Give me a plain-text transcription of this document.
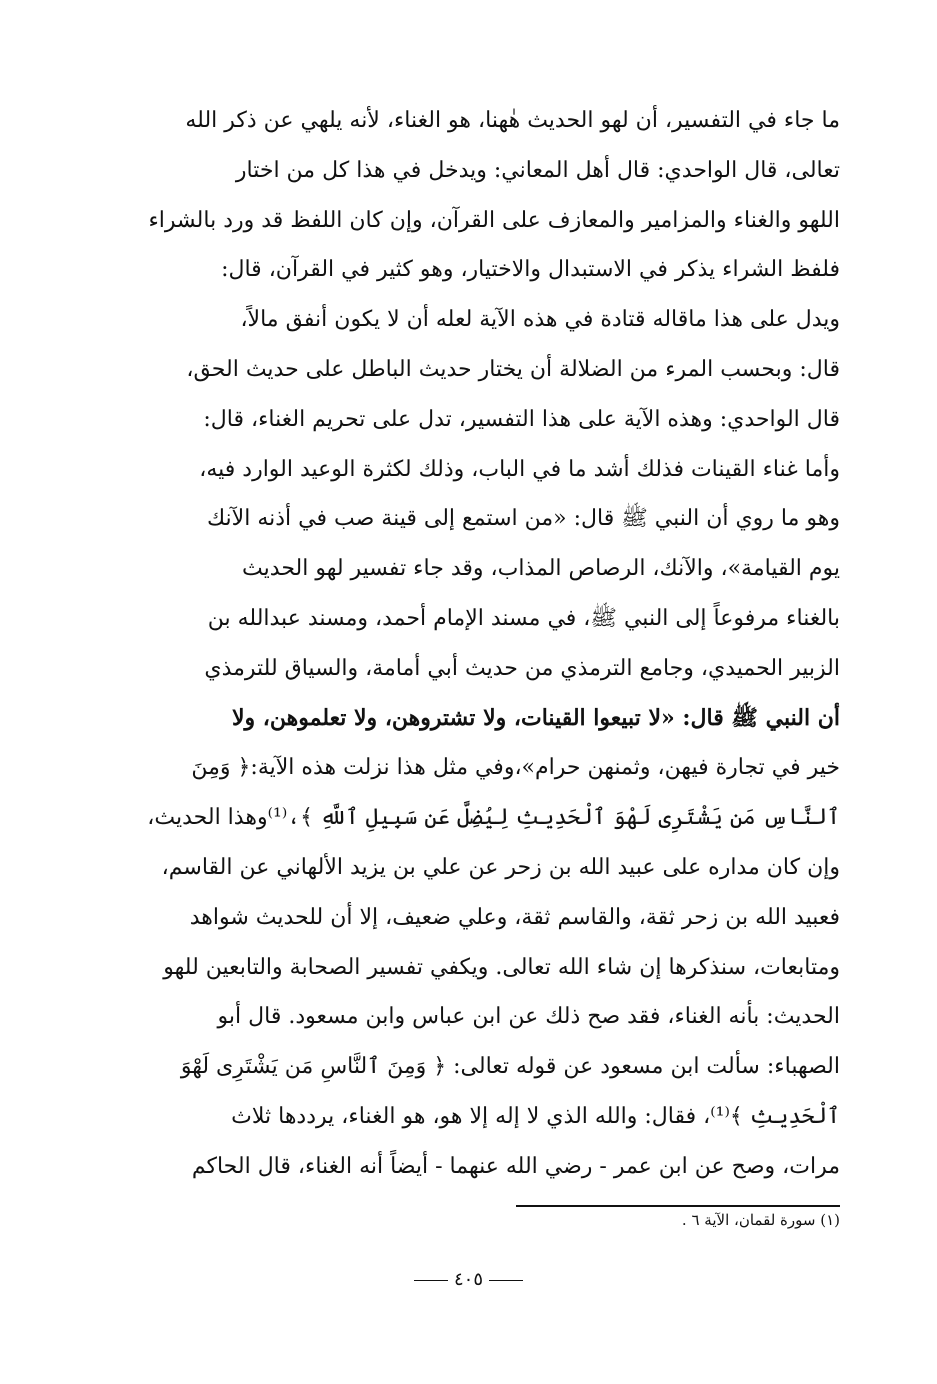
ما جاء في التفسير، أن لهو الحديث هٰهنا، هو الغناء، لأنه يلهي عن ذكر الله
تعالى، قال الواحدي: قال أهل المعاني: ويدخل في هذا كل من اختار
اللهو والغناء والمزامير والمعازف على القرآن، وإن كان اللفظ قد ورد بالشراء
فلفظ الشراء يذكر في الاستبدال والاختيار، وهو كثير في القرآن، قال:
ويدل على هذا ماقاله قتادة في هذه الآية لعله أن لا يكون أنفق مالاً،
قال: وبحسب المرء من الضلالة أن يختار حديث الباطل على حديث الحق،
قال الواحدي: وهذه الآية على هذا التفسير، تدل على تحريم الغناء، قال:
وأما غناء القينات فذلك أشد ما في الباب، وذلك لكثرة الوعيد الوارد فيه،
وهو ما روي أن النبي ﷺ قال: «من استمع إلى قينة صب في أذنه الآنك
يوم القيامة»، والآنك، الرصاص المذاب، وقد جاء تفسير لهو الحديث
بالغناء مرفوعاً إلى النبي ﷺ، في مسند الإمام أحمد، ومسند عبدالله بن
الزبير الحميدي، وجامع الترمذي من حديث أبي أمامة، والسياق للترمذي
أن النبي ﷺ قال: «لا تبيعوا القينات، ولا تشتروهن، ولا تعلموهن، ولا
خير في تجارة فيهن، وثمنهن حرام»،وفي مثل هذا نزلت هذه الآية:﴿ وَمِنَ
ٱلنَّاسِ مَن يَشْتَرِى لَهْوَ ٱلْحَدِيثِ لِيُضِلَّ عَن سَبِيلِ ٱللَّهِ ﴾،⁽¹⁾وهذا الحديث،
وإن كان مداره على عبيد الله بن زحر عن علي بن يزيد الألهاني عن القاسم،
فعبيد الله بن زحر ثقة، والقاسم ثقة، وعلي ضعيف، إلا أن للحديث شواهد
ومتابعات، سنذكرها إن شاء الله تعالى. ويكفي تفسير الصحابة والتابعين للهو
الحديث: بأنه الغناء، فقد صح ذلك عن ابن عباس وابن مسعود. قال أبو
الصهباء: سألت ابن مسعود عن قوله تعالى: ﴿ وَمِنَ ٱلنَّاسِ مَن يَشْتَرِى لَهْوَ
ٱلْحَدِيثِ ﴾⁽¹⁾، فقال: والله الذي لا إله إلا هو، هو الغناء، يرددها ثلاث
مرات، وصح عن ابن عمر - رضي الله عنهما - أيضاً أنه الغناء، قال الحاكم
(١) سورة لقمان، الآية ٦ .
٤٠٥
